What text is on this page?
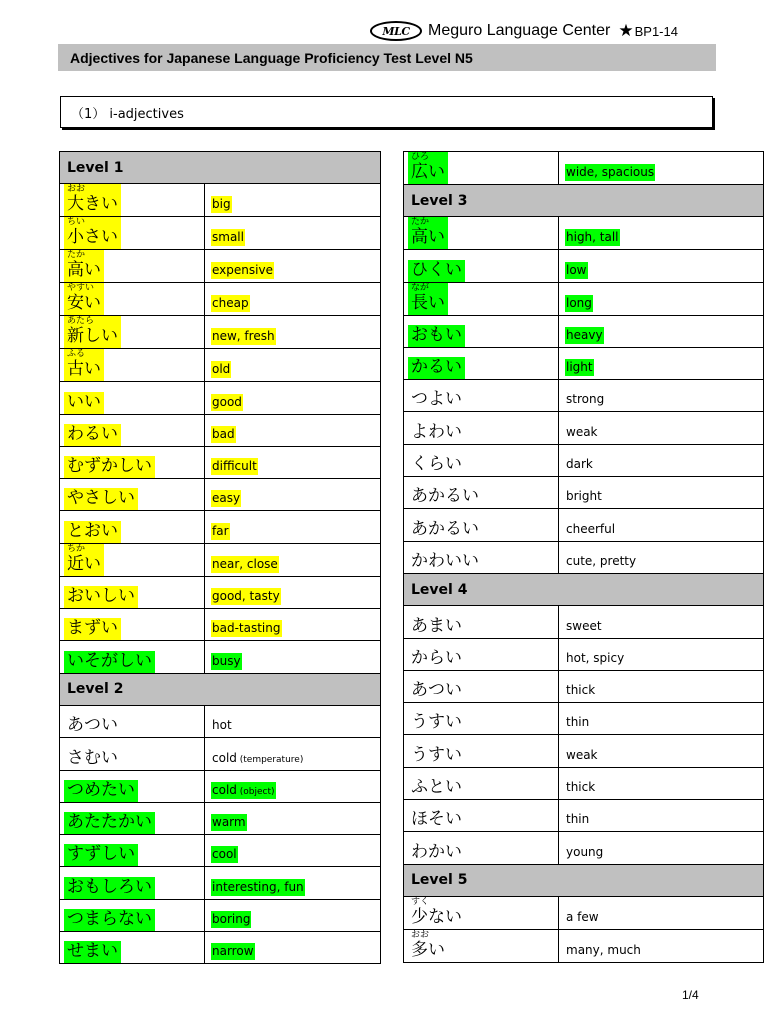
MLC	Meguro Language Center ★ BP1-14
Adjectives for Japanese Language Proficiency Test Level N5
（1） i-adjectives
Level 1	

おお
大きい	big

ちい
小さい	small

たか
高い	expensive

やすい
安い	cheap

あたら
新しい	new, fresh

ふる
古い	old
いい	good
わるい	bad
むずかしい	difficult
やさしい	easy
とおい	far

ちか
近い	near, close
おいしい	good, tasty
まずい	bad-tasting
いそがしい	busy
Level 2	
あつい	hot
さむい	cold (temperature)
つめたい	cold (object)
あたたかい	warm
すずしい	cool
おもしろい	interesting, fun
つまらない	boring
せまい	narrow
ひろ
広い	wide, spacious
Level 3	

たか
高い	high, tall
ひくい	low

なが
長い	long
おもい	heavy
かるい	light
つよい	strong
よわい	weak
くらい	dark
あかるい	bright
あかるい	cheerful
かわいい	cute, pretty
Level 4	
あまい	sweet
からい	hot, spicy
あつい	thick
うすい	thin
うすい	weak
ふとい	thick
ほそい	thin
わかい	young
Level 5	

すく
少ない	a few

おお
多い	many, much
1/4
